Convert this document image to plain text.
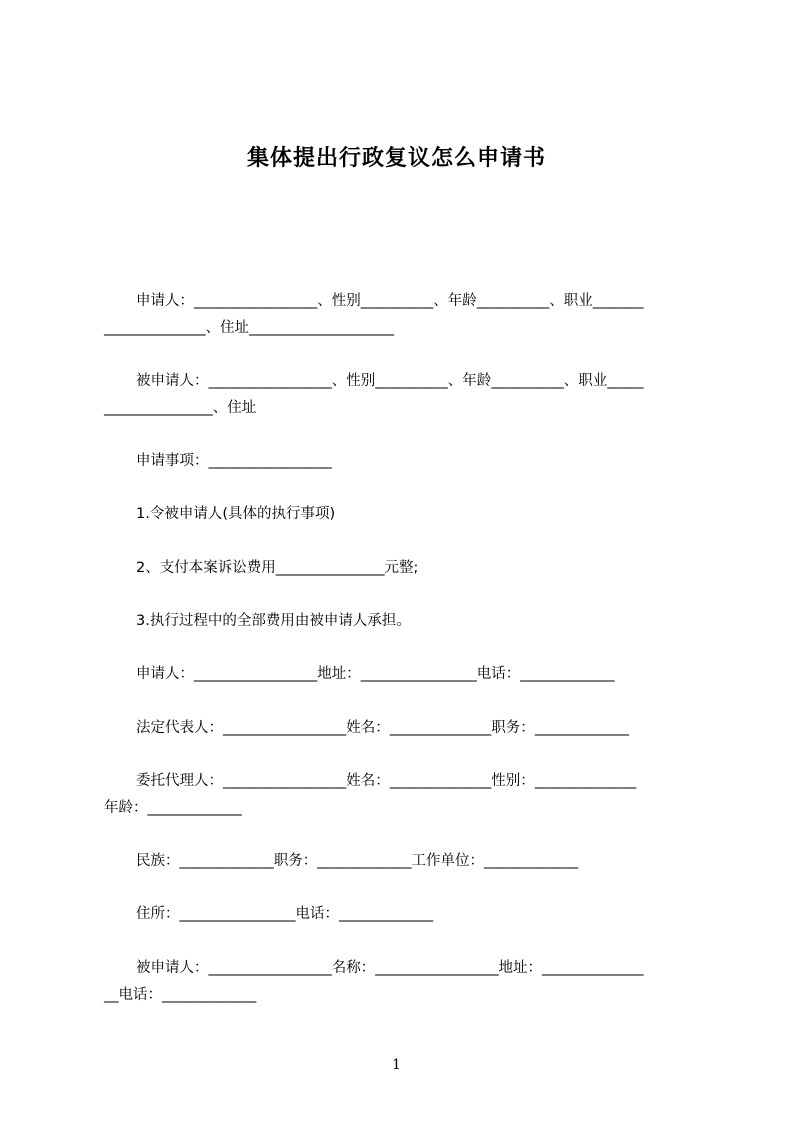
集体提出行政复议怎么申请书

申请人：_________________、性别__________、年龄__________、职业_______

______________、住址____________________

被申请人：_________________、性别__________、年龄__________、职业_____

_______________、住址

申请事项：_________________

1.令被申请人(具体的执行事项)

2、支付本案诉讼费用_______________元整;

3.执行过程中的全部费用由被申请人承担。

申请人：_________________地址：________________电话：_____________

法定代表人：_________________姓名：______________职务：_____________

委托代理人：_________________姓名：______________性别：______________

年龄：_____________

民族：_____________职务：_____________工作单位：_____________

住所：________________电话：_____________

被申请人：_________________名称：_________________地址：______________

__电话：_____________

1
